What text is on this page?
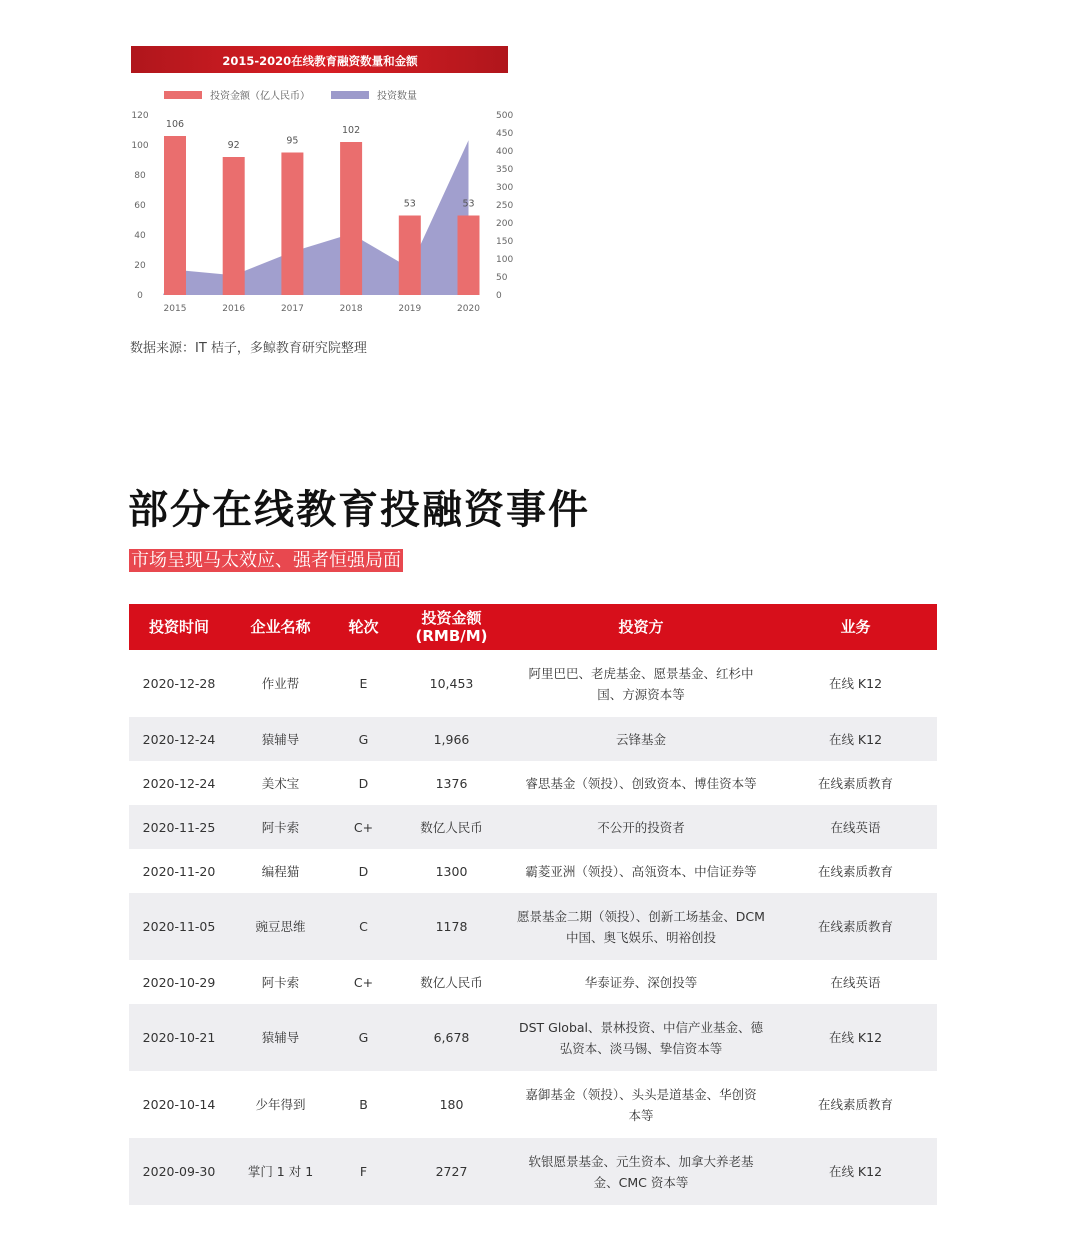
2015-2020在线教育融资数量和金额
投资金额（亿人民币）	投资数量
106
92	95
102
53	53
0
20
40
60
80
100
120
0
50
100
150
200
250
300
350
400
450
500
2015	2016	2017	2018	2019	2020
数据来源：IT 桔子，多鲸教育研究院整理
部分在线教育投融资事件
市场呈现马太效应、强者恒强局面
投资时间	企业名称	轮次	投资金额
(RMB/M)	投资方	业务
2020-12-28	作业帮	E	10,453	阿里巴巴、老虎基金、愿景基金、红杉中
国、方源资本等	在线 K12
2020-12-24	猿辅导	G	1,966	云锋基金	在线 K12
2020-12-24	美术宝	D	1376	睿思基金（领投）、创致资本、博佳资本等	在线素质教育
2020-11-25	阿卡索	C+	数亿人民币	不公开的投资者	在线英语
2020-11-20	编程猫	D	1300	霸菱亚洲（领投）、高瓴资本、中信证券等	在线素质教育
2020-11-05	豌豆思维	C	1178	愿景基金二期（领投）、创新工场基金、DCM
中国、奥飞娱乐、明裕创投	在线素质教育
2020-10-29	阿卡索	C+	数亿人民币	华泰证券、深创投等	在线英语
2020-10-21	猿辅导	G	6,678	DST Global、景林投资、中信产业基金、德
弘资本、淡马锡、挚信资本等	在线 K12
2020-10-14	少年得到	B	180	嘉御基金（领投）、头头是道基金、华创资
本等	在线素质教育
2020-09-30	掌门 1 对 1	F	2727	软银愿景基金、元生资本、加拿大养老基
金、CMC 资本等	在线 K12
